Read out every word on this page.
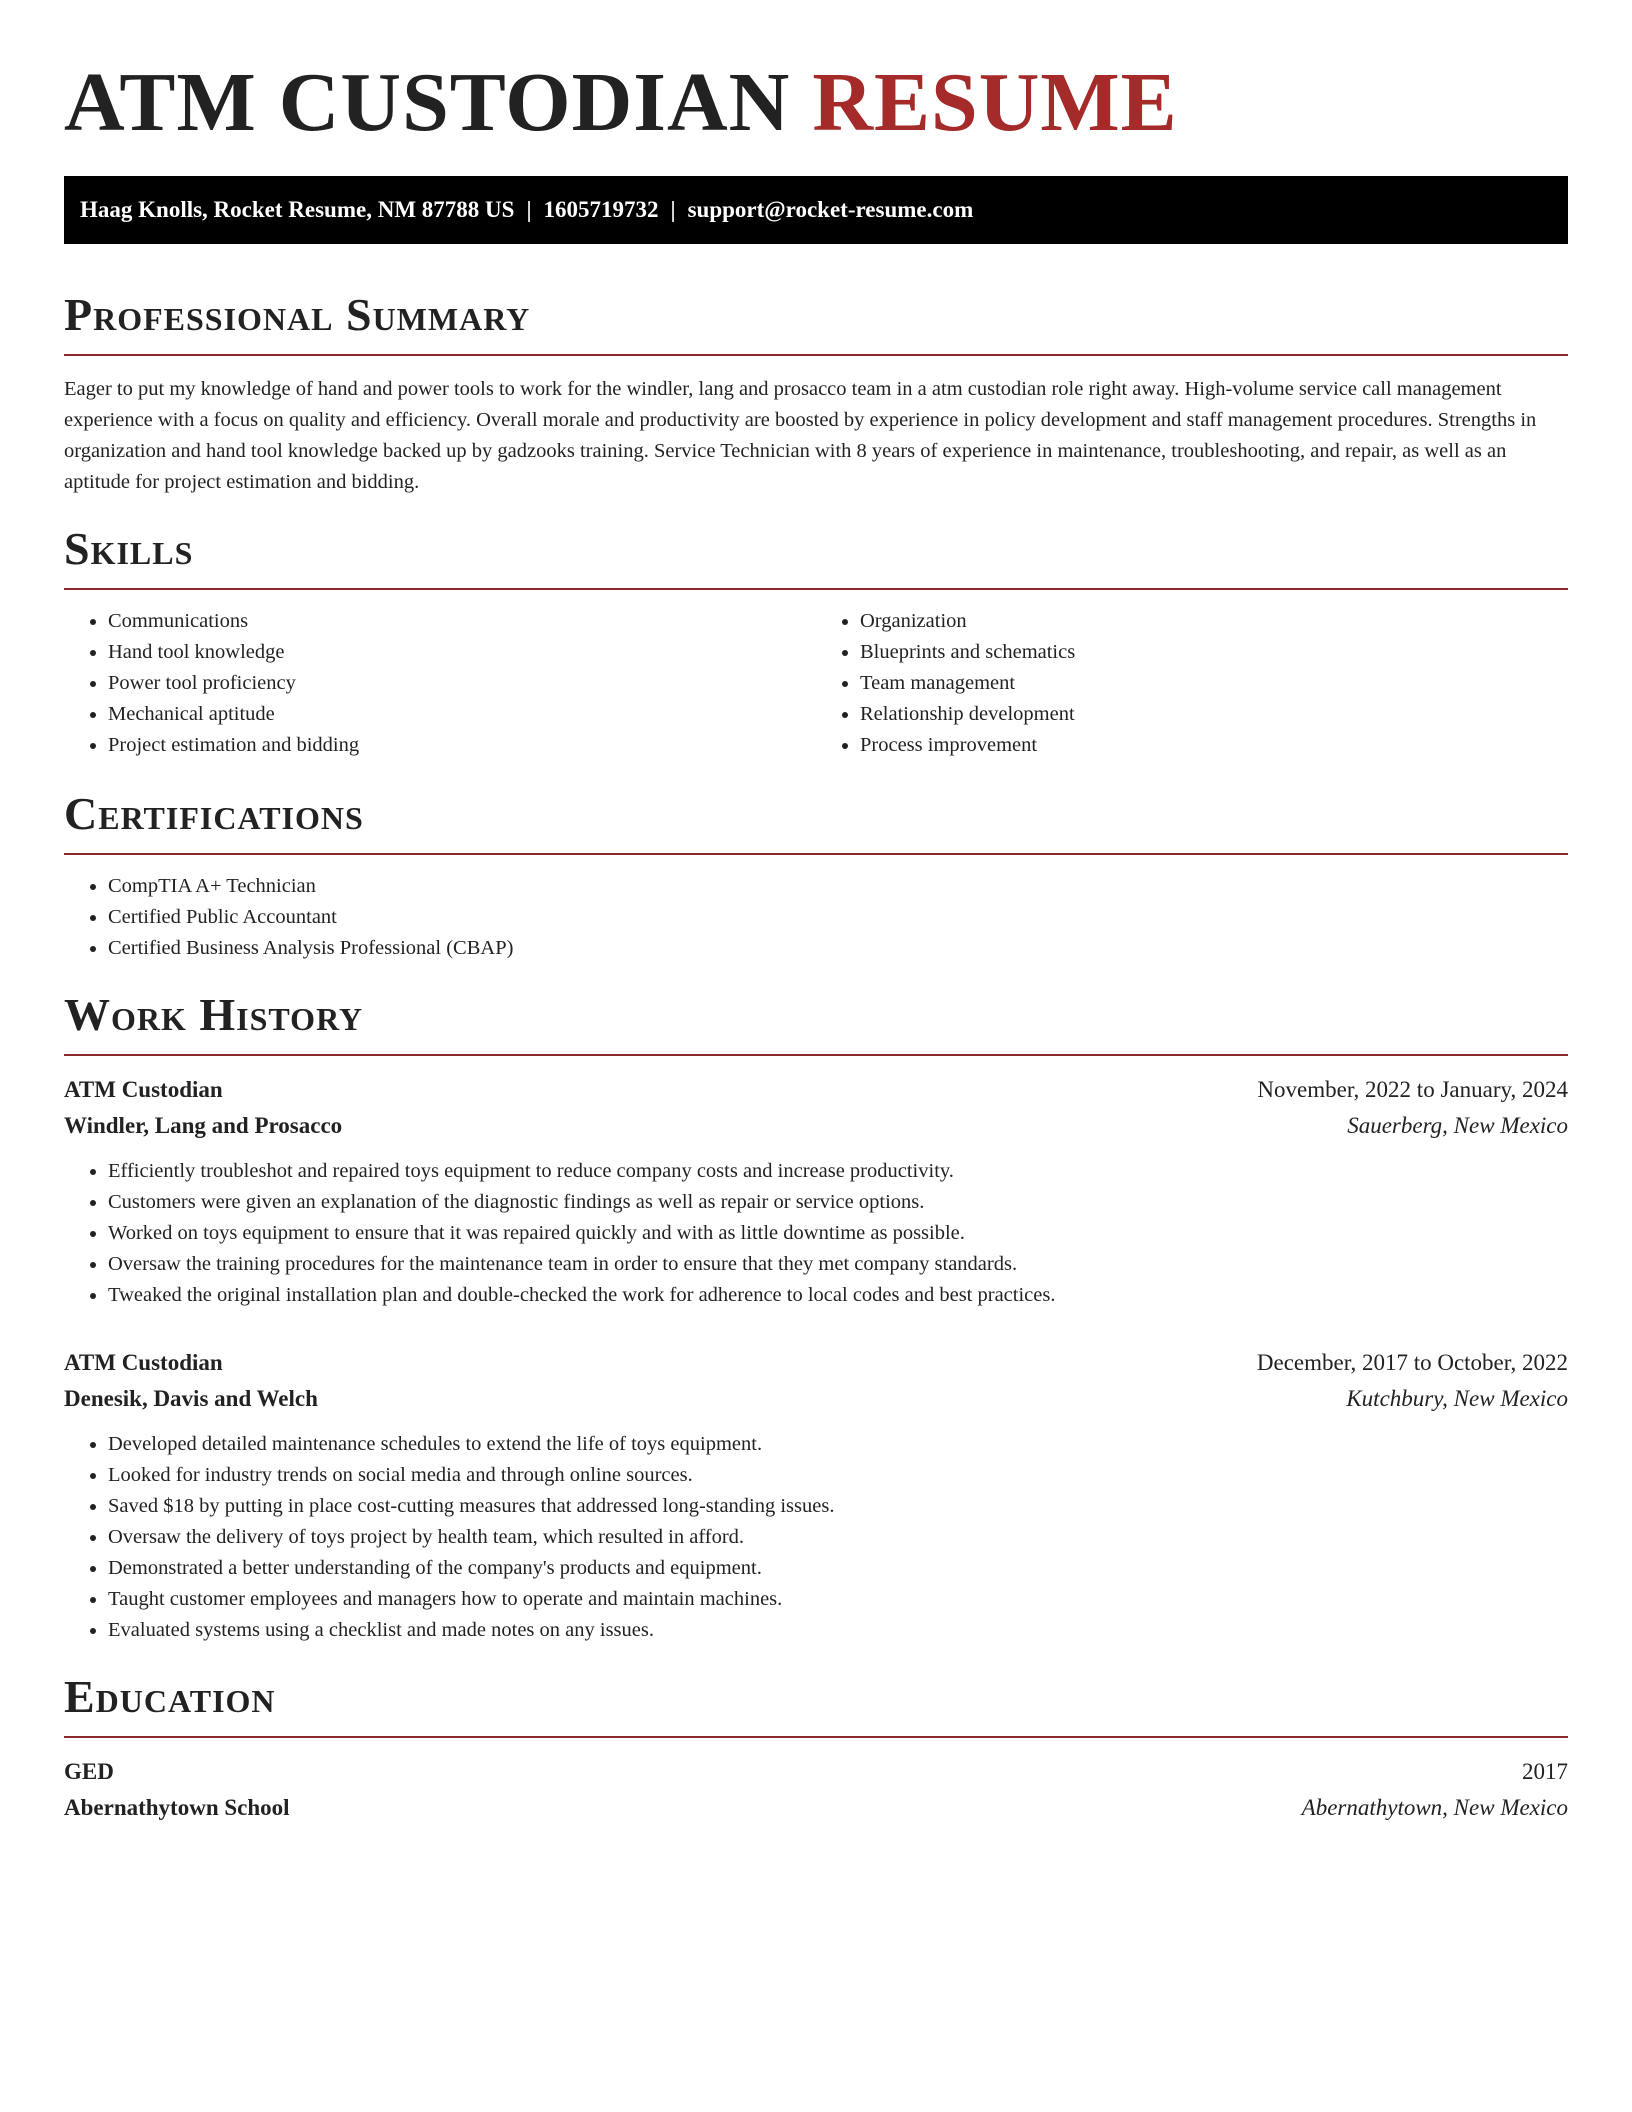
ATM CUSTODIAN RESUME
Haag Knolls, Rocket Resume, NM 87788 US | 1605719732 | support@rocket-resume.com
Professional Summary

Eager to put my knowledge of hand and power tools to work for the windler, lang and prosacco team in a atm custodian role right away. High-volume service call management experience with a focus on quality and efficiency. Overall morale and productivity are boosted by experience in policy development and staff management procedures. Strengths in organization and hand tool knowledge backed up by gadzooks training. Service Technician with 8 years of experience in maintenance, troubleshooting, and repair, as well as an aptitude for project estimation and bidding.

Skills
• Communications
• Hand tool knowledge
• Power tool proficiency
• Mechanical aptitude
• Project estimation and bidding
• Organization
• Blueprints and schematics
• Team management
• Relationship development
• Process improvement
Certifications
• CompTIA A+ Technician
• Certified Public Accountant
• Certified Business Analysis Professional (CBAP)
Work History
ATM Custodian	November, 2022 to January, 2024
Windler, Lang and Prosacco	Sauerberg, New Mexico
• Efficiently troubleshot and repaired toys equipment to reduce company costs and increase productivity.
• Customers were given an explanation of the diagnostic findings as well as repair or service options.
• Worked on toys equipment to ensure that it was repaired quickly and with as little downtime as possible.
• Oversaw the training procedures for the maintenance team in order to ensure that they met company standards.
• Tweaked the original installation plan and double-checked the work for adherence to local codes and best practices.
ATM Custodian	December, 2017 to October, 2022
Denesik, Davis and Welch	Kutchbury, New Mexico
• Developed detailed maintenance schedules to extend the life of toys equipment.
• Looked for industry trends on social media and through online sources.
• Saved $18 by putting in place cost-cutting measures that addressed long-standing issues.
• Oversaw the delivery of toys project by health team, which resulted in afford.
• Demonstrated a better understanding of the company's products and equipment.
• Taught customer employees and managers how to operate and maintain machines.
• Evaluated systems using a checklist and made notes on any issues.
Education
GED	2017
Abernathytown School	Abernathytown, New Mexico
